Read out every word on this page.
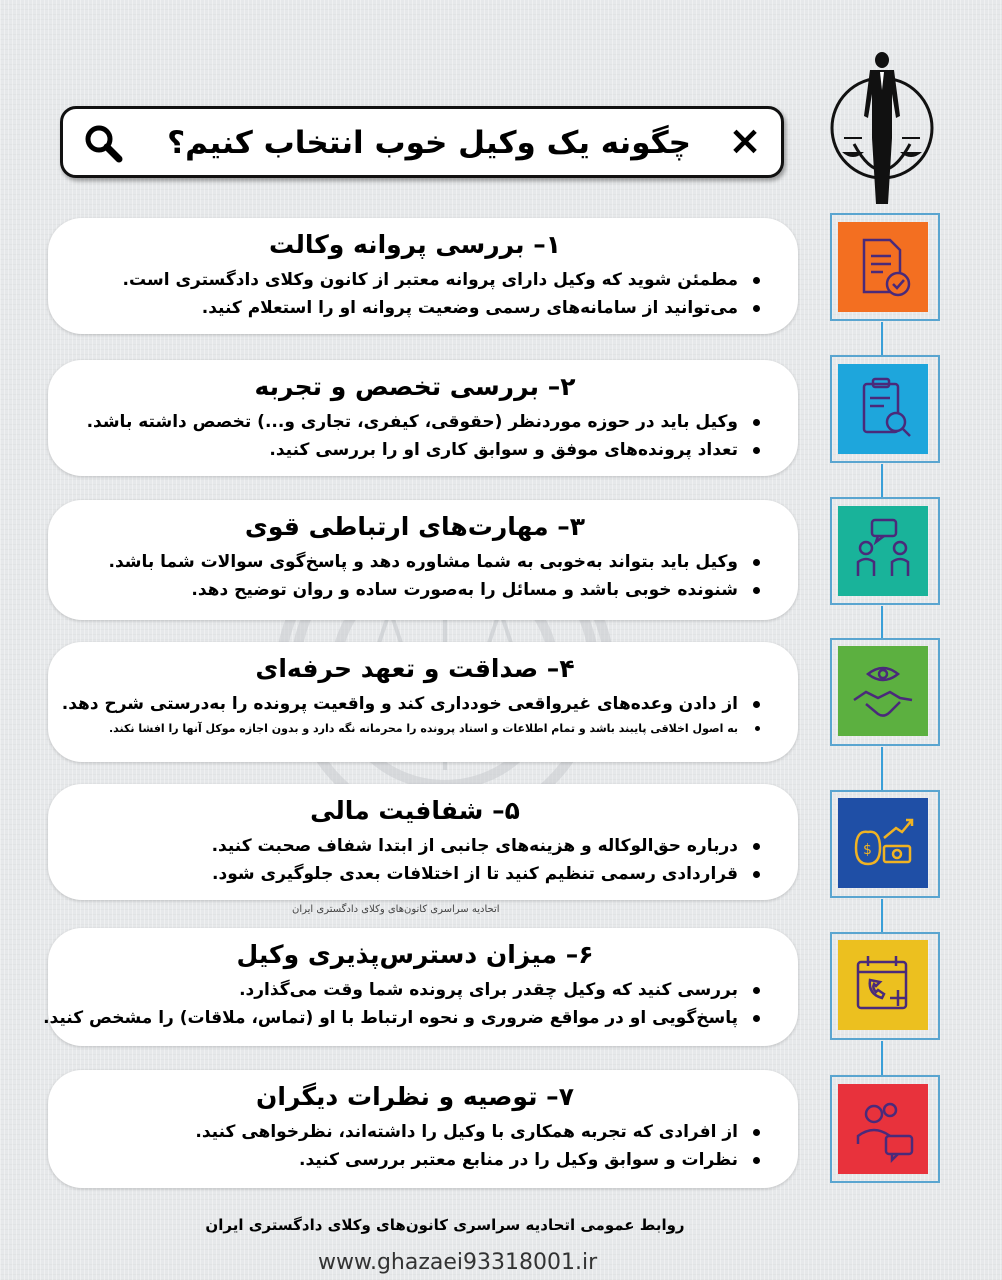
چگونه یک وکیل خوب انتخاب کنیم؟ ×
۱– بررسی پروانه وکالت
مطمئن شوید که وکیل دارای پروانه معتبر از کانون وکلای دادگستری است.
می‌توانید از سامانه‌های رسمی وضعیت پروانه او را استعلام کنید.
۲– بررسی تخصص و تجربه
وکیل باید در حوزه موردنظر (حقوقی، کیفری، تجاری و...) تخصص داشته باشد.
تعداد پرونده‌های موفق و سوابق کاری او را بررسی کنید.
۳– مهارت‌های ارتباطی قوی
وکیل باید بتواند به‌خوبی به شما مشاوره دهد و پاسخ‌گوی سوالات شما باشد.
شنونده خوبی باشد و مسائل را به‌صورت ساده و روان توضیح دهد.
۴– صداقت و تعهد حرفه‌ای
از دادن وعده‌های غیرواقعی خودداری کند و واقعیت پرونده را به‌درستی شرح دهد.
به اصول اخلاقی پایبند باشد و تمام اطلاعات و اسناد پرونده را محرمانه نگه دارد و بدون اجازه موکل آنها را افشا نکند.
۵– شفافیت مالی
درباره حق‌الوکاله و هزینه‌های جانبی از ابتدا شفاف صحبت کنید.
قراردادی رسمی تنظیم کنید تا از اختلافات بعدی جلوگیری شود.
$
اتحادیه سراسری کانون‌های وکلای دادگستری ایران
۶– میزان دسترس‌پذیری وکیل
بررسی کنید که وکیل چقدر برای پرونده شما وقت می‌گذارد.
پاسخ‌گویی او در مواقع ضروری و نحوه ارتباط با او (تماس، ملاقات) را مشخص کنید.
۷– توصیه و نظرات دیگران
از افرادی که تجربه همکاری با وکیل را داشته‌اند، نظرخواهی کنید.
نظرات و سوابق وکیل را در منابع معتبر بررسی کنید.
روابط عمومی اتحادیه سراسری کانون‌های وکلای دادگستری ایران
www.ghazaei93318001.ir
